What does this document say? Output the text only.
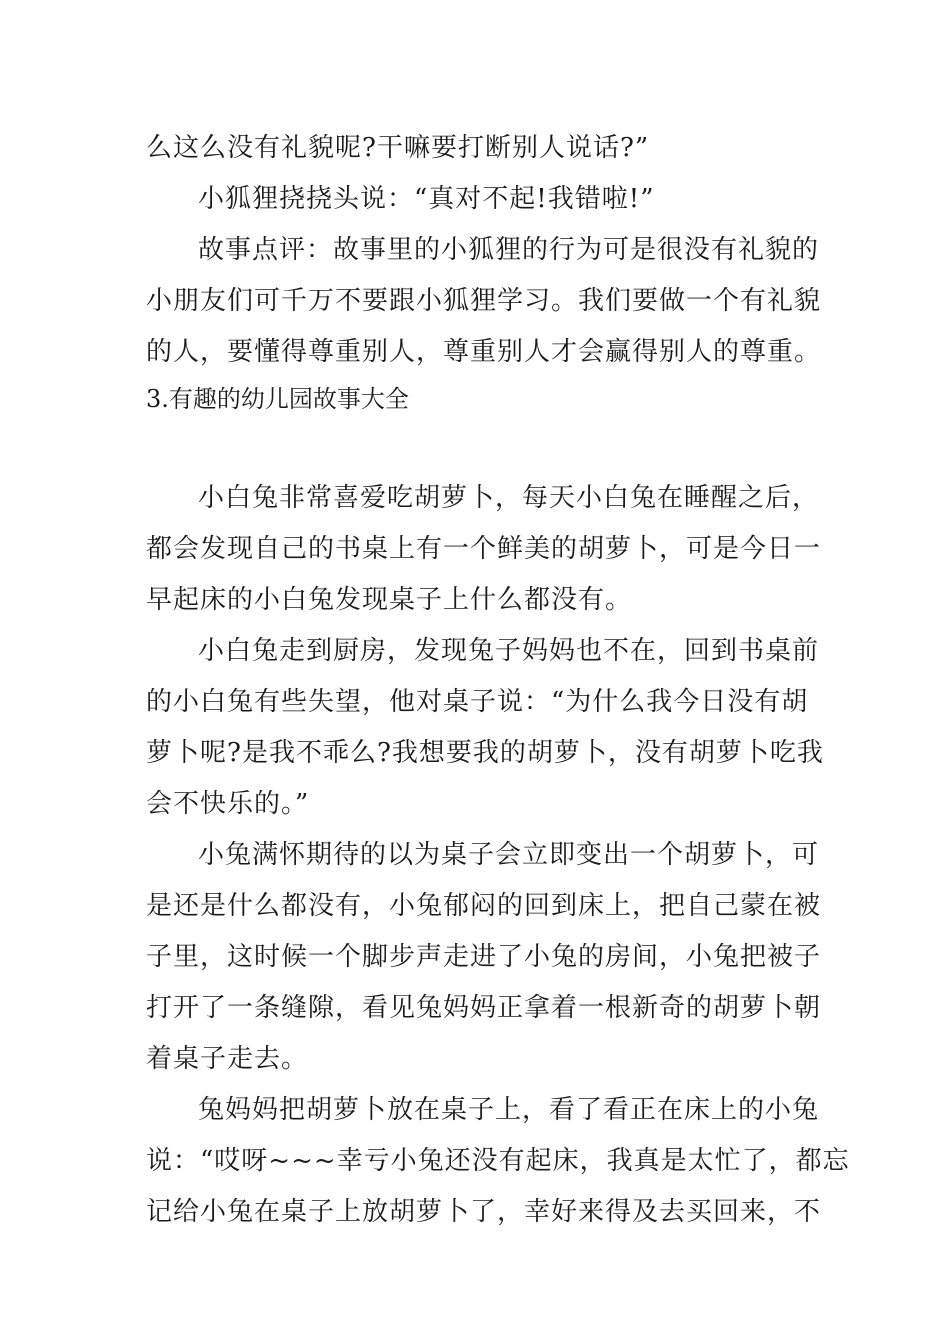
么这么没有礼貌呢?干嘛要打断别人说话?”
小狐狸挠挠头说：“真对不起!我错啦!”
故事点评：故事里的小狐狸的行为可是很没有礼貌的
小朋友们可千万不要跟小狐狸学习。我们要做一个有礼貌
的人，要懂得尊重别人，尊重别人才会赢得别人的尊重。
3.有趣的幼儿园故事大全
小白兔非常喜爱吃胡萝卜，每天小白兔在睡醒之后，
都会发现自己的书桌上有一个鲜美的胡萝卜，可是今日一
早起床的小白兔发现桌子上什么都没有。
小白兔走到厨房，发现兔子妈妈也不在，回到书桌前
的小白兔有些失望，他对桌子说：“为什么我今日没有胡
萝卜呢?是我不乖么?我想要我的胡萝卜，没有胡萝卜吃我
会不快乐的。”
小兔满怀期待的以为桌子会立即变出一个胡萝卜，可
是还是什么都没有，小兔郁闷的回到床上，把自己蒙在被
子里，这时候一个脚步声走进了小兔的房间，小兔把被子
打开了一条缝隙，看见兔妈妈正拿着一根新奇的胡萝卜朝
着桌子走去。
兔妈妈把胡萝卜放在桌子上，看了看正在床上的小兔
说：“哎呀~~~幸亏小兔还没有起床，我真是太忙了，都忘
记给小兔在桌子上放胡萝卜了，幸好来得及去买回来，不
